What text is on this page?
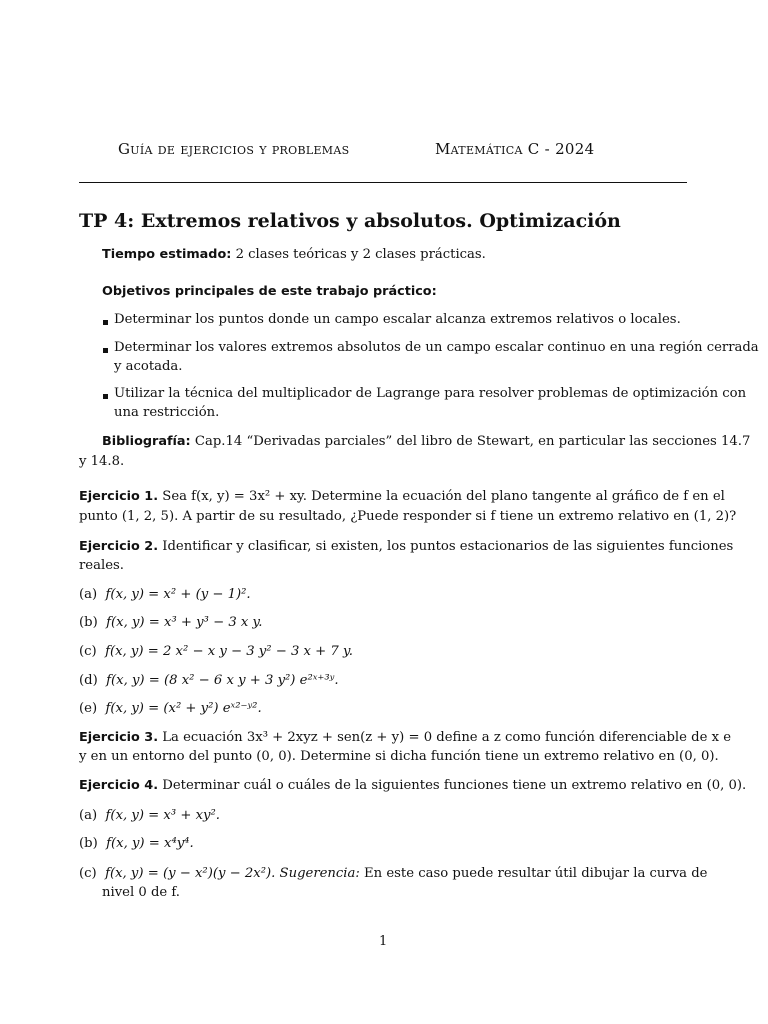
Guía de ejercicios y problemas	Matemática C - 2024
TP 4: Extremos relativos y absolutos. Optimización
Tiempo estimado: 2 clases teóricas y 2 clases prácticas.
Objetivos principales de este trabajo práctico:
Determinar los puntos donde un campo escalar alcanza extremos relativos o locales.
Determinar los valores extremos absolutos de un campo escalar continuo en una región cerrada
y acotada.
Utilizar la técnica del multiplicador de Lagrange para resolver problemas de optimización con
una restricción.
Bibliografía: Cap.14 “Derivadas parciales” del libro de Stewart, en particular las secciones 14.7
y 14.8.
Ejercicio 1. Sea f(x, y) = 3x² + xy. Determine la ecuación del plano tangente al gráfico de f en el
punto (1, 2, 5). A partir de su resultado, ¿Puede responder si f tiene un extremo relativo en (1, 2)?
Ejercicio 2. Identificar y clasificar, si existen, los puntos estacionarios de las siguientes funciones
reales.
(a) f(x, y) = x² + (y − 1)².
(b) f(x, y) = x³ + y³ − 3 x y.
(c) f(x, y) = 2 x² − x y − 3 y² − 3 x + 7 y.
(d) f(x, y) = (8 x² − 6 x y + 3 y²) e²ˣ⁺³ʸ.
(e) f(x, y) = (x² + y²) eˣ²⁻ʸ².
Ejercicio 3. La ecuación 3x³ + 2xyz + sen(z + y) = 0 define a z como función diferenciable de x e
y en un entorno del punto (0, 0). Determine si dicha función tiene un extremo relativo en (0, 0).
Ejercicio 4. Determinar cuál o cuáles de la siguientes funciones tiene un extremo relativo en (0, 0).
(a) f(x, y) = x³ + xy².
(b) f(x, y) = x⁴y⁴.
(c) f(x, y) = (y − x²)(y − 2x²). Sugerencia: En este caso puede resultar útil dibujar la curva de
nivel 0 de f.
1
